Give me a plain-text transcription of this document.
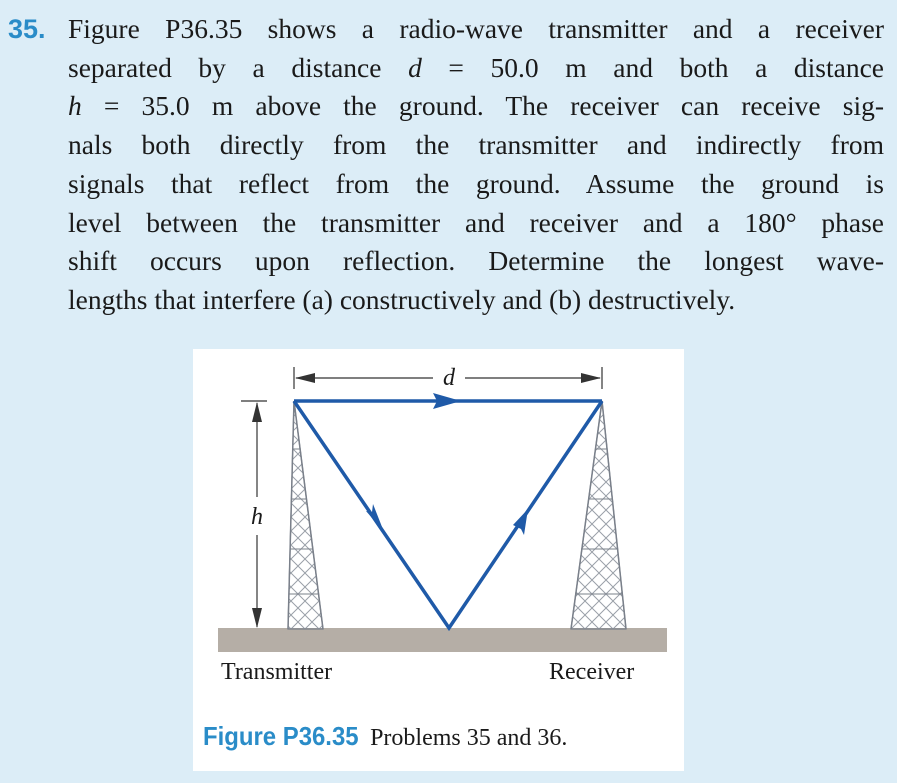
35. Figure P36.35 shows a radio-wave transmitter and a receiver
separated by a distance d = 50.0 m and both a distance
h = 35.0 m above the ground. The receiver can receive sig-
nals both directly from the transmitter and indirectly from
signals that reflect from the ground. Assume the ground is
level between the transmitter and receiver and a 180° phase
shift occurs upon reflection. Determine the longest wave-
lengths that interfere (a) constructively and (b) destructively.
d
h
Transmitter	Receiver
Figure P36.35 Problems 35 and 36.
